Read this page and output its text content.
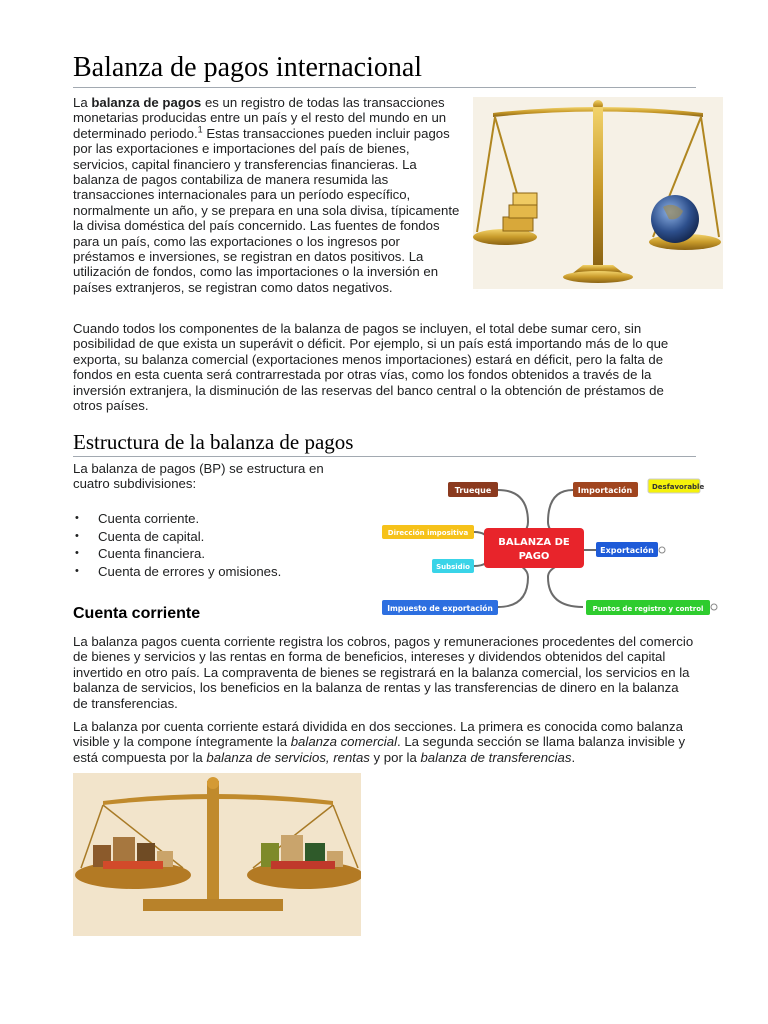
Balanza de pagos internacional

La balanza de pagos es un registro de todas las transacciones monetarias producidas entre un país y el resto del mundo en un determinado periodo.$^1$ Estas transacciones pueden incluir pagos por las exportaciones e importaciones del país de bienes, servicios, capital financiero y transferencias financieras. La balanza de pagos contabiliza de manera resumida las transacciones internacionales para un período específico, normalmente un año, y se prepara en una sola divisa, típicamente la divisa doméstica del país concernido. Las fuentes de fondos para un país, como las exportaciones o los ingresos por préstamos e inversiones, se registran en datos positivos. La utilización de fondos, como las importaciones o la inversión en países extranjeros, se registran como datos negativos.

Cuando todos los componentes de la balanza de pagos se incluyen, el total debe sumar cero, sin posibilidad de que exista un superávit o déficit. Por ejemplo, si un país está importando más de lo que exporta, su balanza comercial (exportaciones menos importaciones) estará en déficit, pero la falta de fondos en esta cuenta será contrarrestada por otras vías, como los fondos obtenidos a través de la inversión extranjera, la disminución de las reservas del banco central o la obtención de préstamos de otros países.

Estructura de la balanza de pagos

La balanza de pagos (BP) se estructura en cuatro subdivisiones:

• Cuenta corriente.
• Cuenta de capital.
• Cuenta financiera.
• Cuenta de errores y omisiones.
Cuenta corriente

La balanza pagos cuenta corriente registra los cobros, pagos y remuneraciones procedentes del comercio de bienes y servicios y las rentas en forma de beneficios, intereses y dividendos obtenidos del capital invertido en otro país. La compraventa de bienes se registrará en la balanza comercial, los servicios en la balanza de servicios, los beneficios en la balanza de rentas y las transferencias de dinero en la balanza de transferencias.

La balanza por cuenta corriente estará dividida en dos secciones. La primera es conocida como balanza visible y la compone íntegramente la balanza comercial. La segunda sección se llama balanza invisible y está compuesta por la balanza de servicios, rentas y por la balanza de transferencias.

BALANZA DE
PAGO
Trueque	Importación	Desfavorable
Dirección impositiva
Exportación
Subsidio
Impuesto de exportación	Puntos de registro y control
